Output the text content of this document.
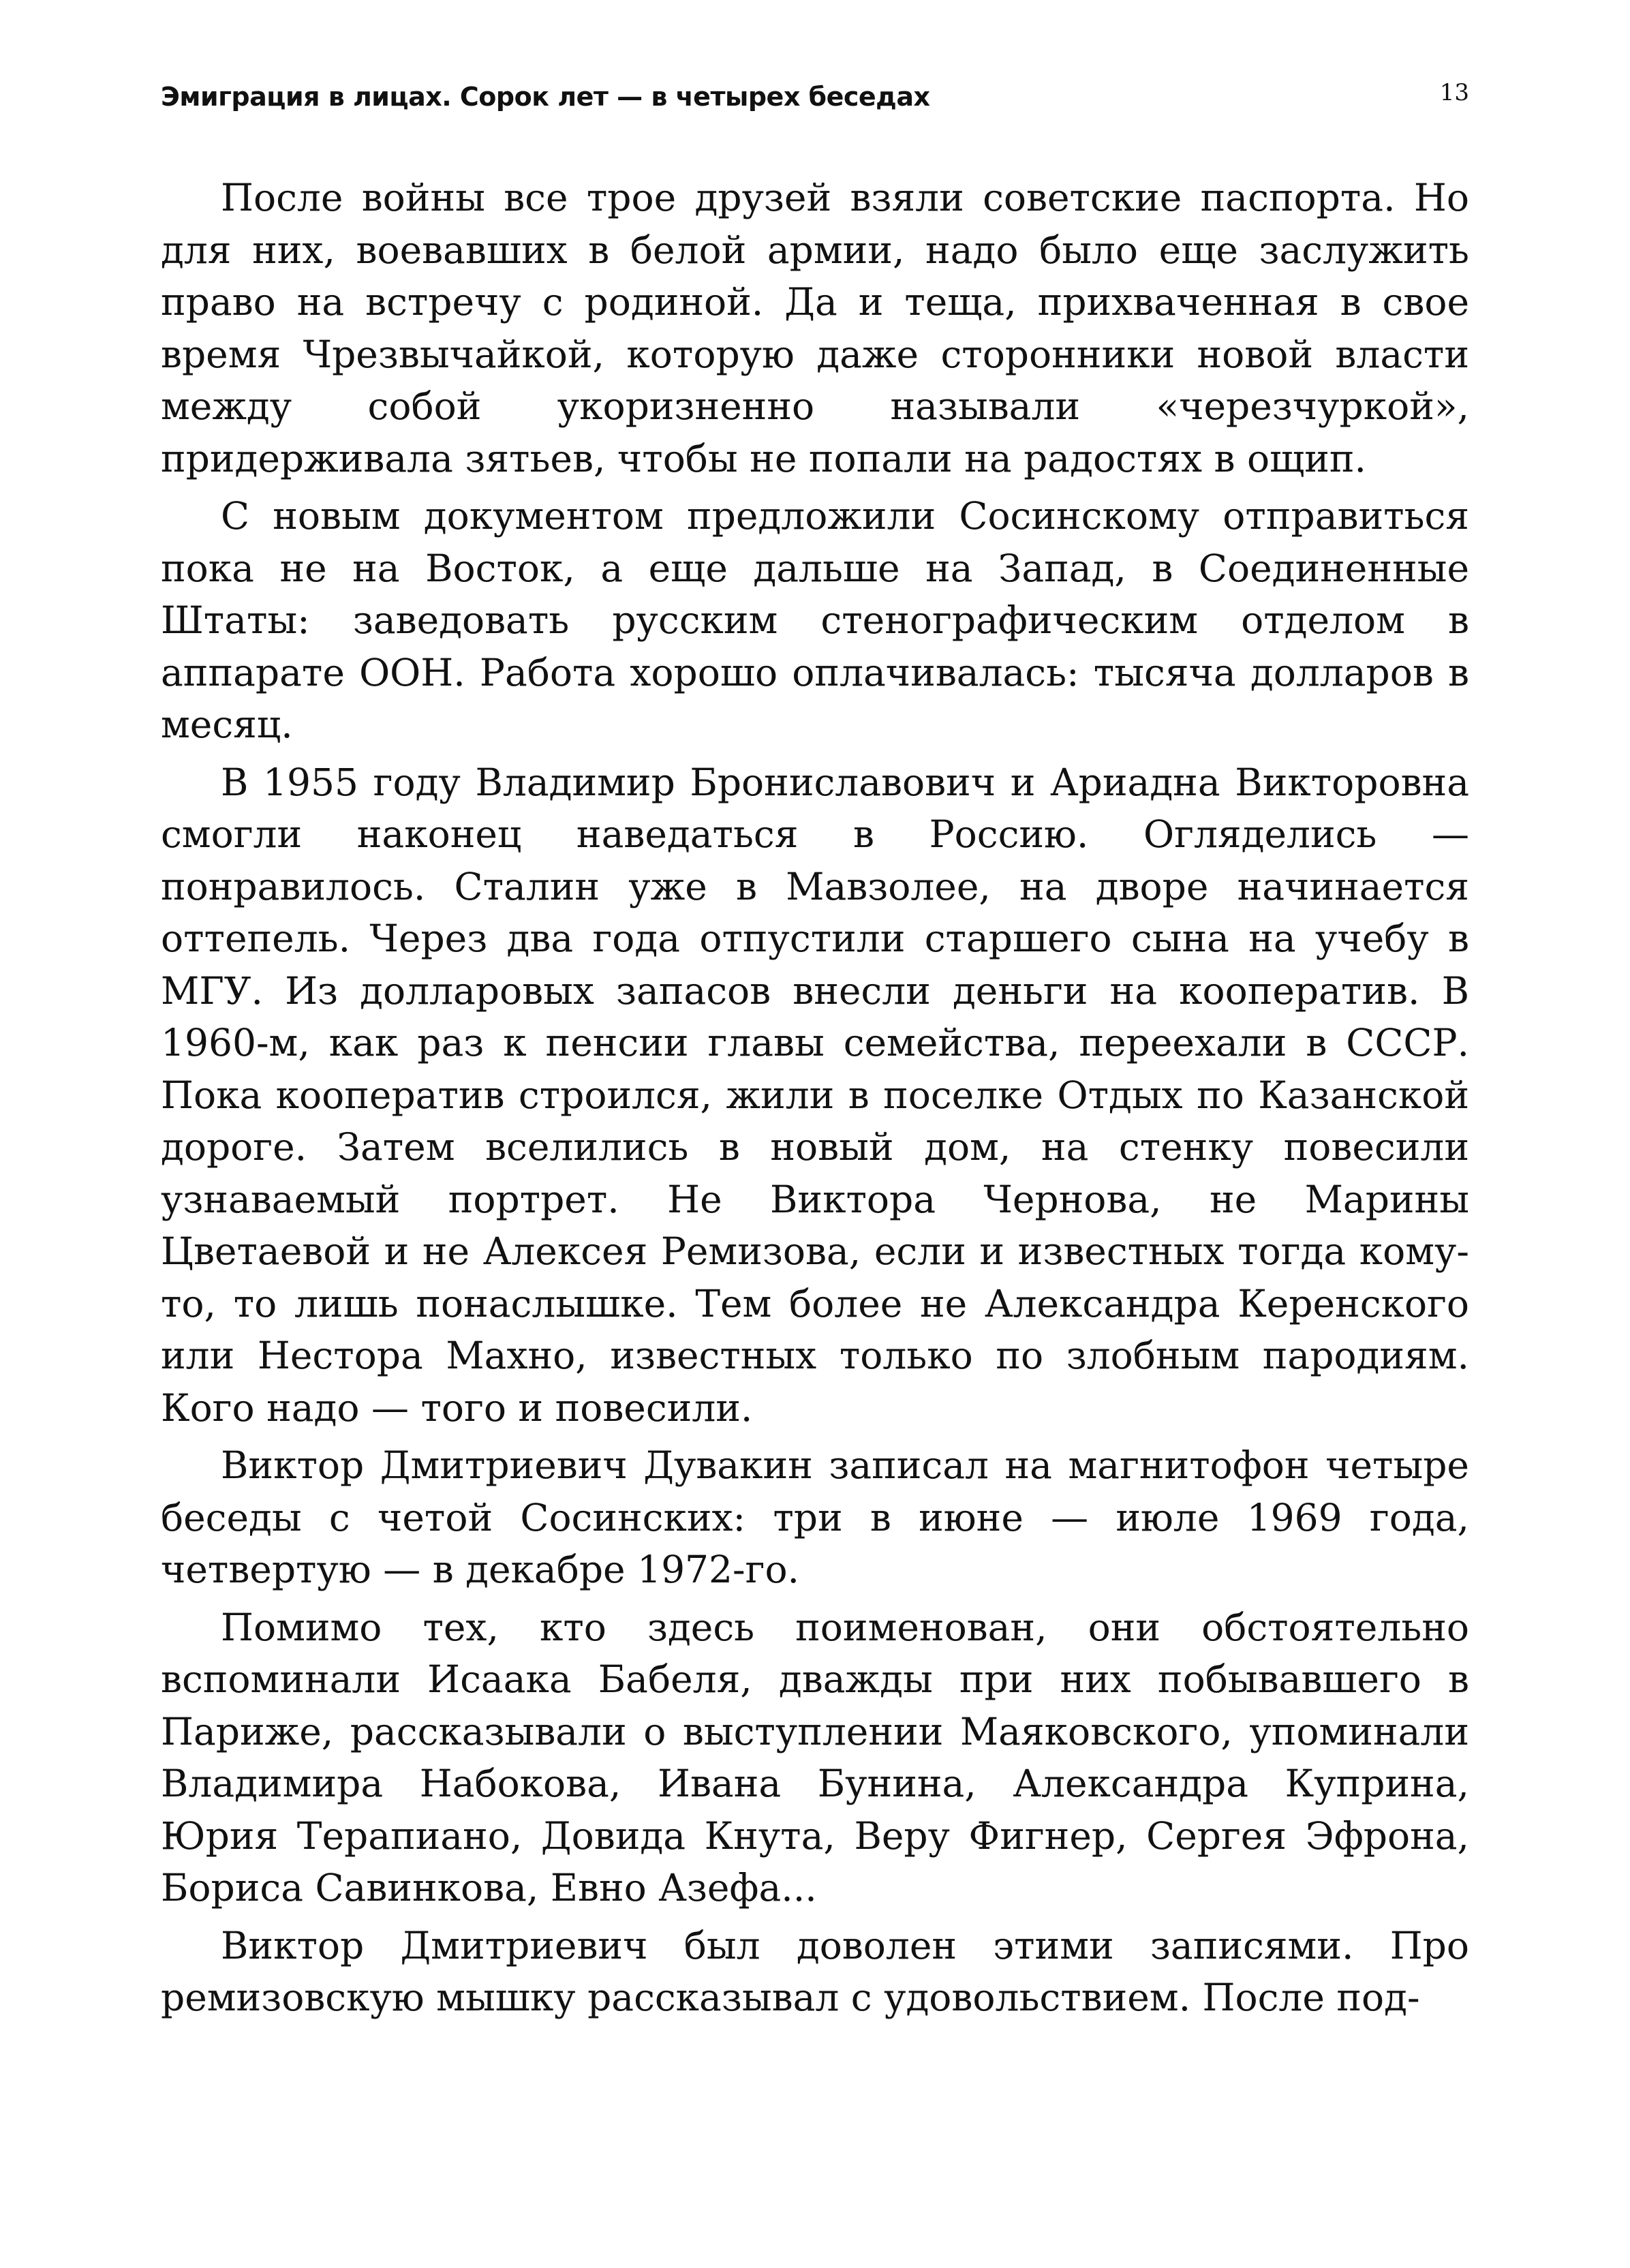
Эмиграция в лицах. Сорок лет — в четырех беседах	13

После войны все трое друзей взяли советские паспорта. Но для них, воевавших в белой армии, надо было еще заслужить право на встречу с родиной. Да и теща, прихваченная в свое время Чрезвычайкой, которую даже сторонники новой власти между собой укоризненно называли «черезчуркой», придерживала зятьев, чтобы не попали на радостях в ощип.

С новым документом предложили Сосинскому отправиться пока не на Восток, а еще дальше на Запад, в Соединенные Штаты: заведовать русским стенографическим отделом в аппарате ООН. Работа хорошо оплачивалась: тысяча долларов в месяц.

В 1955 году Владимир Брониславович и Ариадна Викторовна смогли наконец наведаться в Россию. Огляделись — понравилось. Сталин уже в Мавзолее, на дворе начинается оттепель. Через два года отпустили старшего сына на учебу в МГУ. Из долларовых запасов внесли деньги на кооператив. В 1960-м, как раз к пенсии главы семейства, переехали в СССР. Пока кооператив строился, жили в поселке Отдых по Казанской дороге. Затем вселились в новый дом, на стенку повесили узнаваемый портрет. Не Виктора Чернова, не Марины Цветаевой и не Алексея Ремизова, если и известных тогда кому-то, то лишь понаслышке. Тем более не Александра Керенского или Нестора Махно, известных только по злобным пародиям. Кого надо — того и повесили.

Виктор Дмитриевич Дувакин записал на магнитофон четыре беседы с четой Сосинских: три в июне — июле 1969 года, четвертую — в декабре 1972-го.

Помимо тех, кто здесь поименован, они обстоятельно вспоминали Исаака Бабеля, дважды при них побывавшего в Париже, рассказывали о выступлении Маяковского, упоминали Владимира Набокова, Ивана Бунина, Александра Куприна, Юрия Терапиано, Довида Кнута, Веру Фигнер, Сергея Эфрона, Бориса Савинкова, Евно Азефа...

Виктор Дмитриевич был доволен этими записями. Про ремизовскую мышку рассказывал с удовольствием. После под-
